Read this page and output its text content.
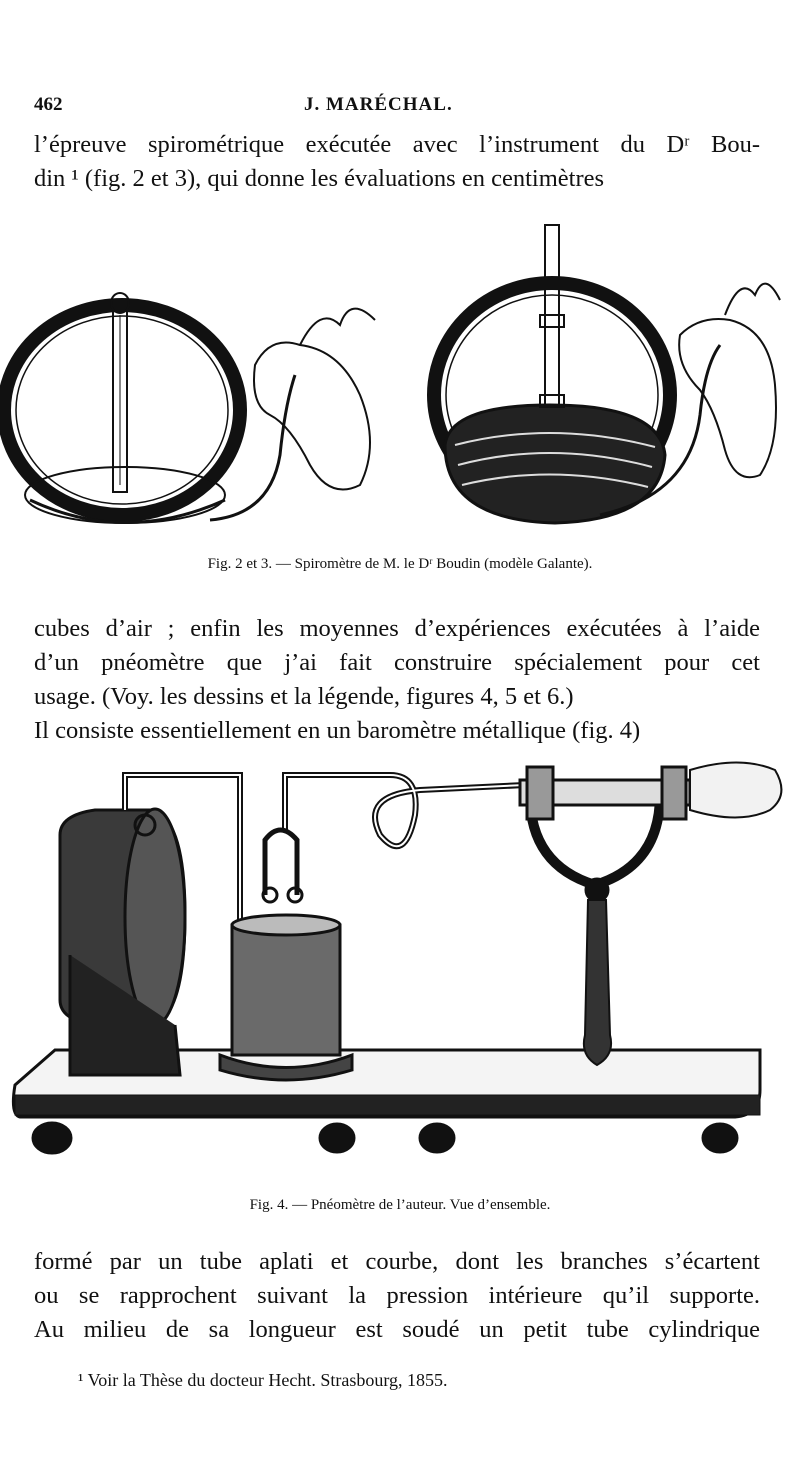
462	J. MARÉCHAL.
l’épreuve spirométrique exécutée avec l’instrument du Dʳ Bou-
din ¹ (fig. 2 et 3), qui donne les évaluations en centimètres
Fig. 2 et 3. — Spiromètre de M. le Dʳ Boudin (modèle Galante).
cubes d’air ; enfin les moyennes d’expériences exécutées à l’aide
d’un pnéomètre que j’ai fait construire spécialement pour cet
usage. (Voy. les dessins et la légende, figures 4, 5 et 6.)
Il consiste essentiellement en un baromètre métallique (fig. 4)
Fig. 4. — Pnéomètre de l’auteur. Vue d’ensemble.
formé par un tube aplati et courbe, dont les branches s’écartent
ou se rapprochent suivant la pression intérieure qu’il supporte.
Au milieu de sa longueur est soudé un petit tube cylindrique
¹ Voir la Thèse du docteur Hecht. Strasbourg, 1855.
